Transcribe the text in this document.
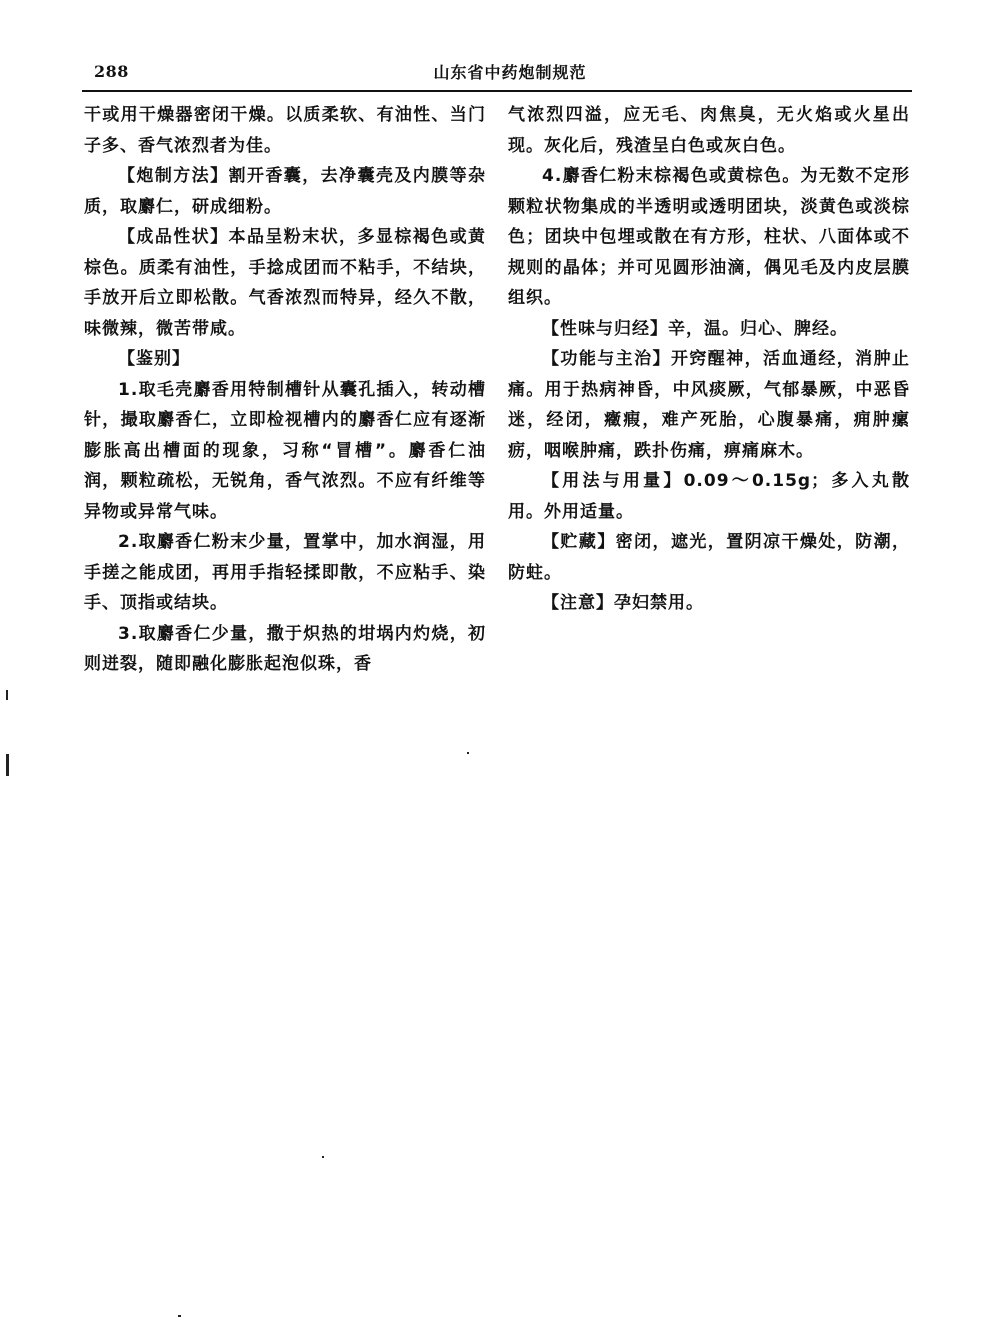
288	山东省中药炮制规范

干或用干燥器密闭干燥。以质柔软、有油性、当门子多、香气浓烈者为佳。

【炮制方法】割开香囊，去净囊壳及内膜等杂质，取麝仁，研成细粉。

【成品性状】本品呈粉末状，多显棕褐色或黄棕色。质柔有油性，手捻成团而不粘手，不结块，手放开后立即松散。气香浓烈而特异，经久不散，味微辣，微苦带咸。

【鉴别】

1.取毛壳麝香用特制槽针从囊孔插入，转动槽针，撮取麝香仁，立即检视槽内的麝香仁应有逐渐膨胀高出槽面的现象，习称“冒槽”。麝香仁油润，颗粒疏松，无锐角，香气浓烈。不应有纤维等异物或异常气味。

2.取麝香仁粉末少量，置掌中，加水润湿，用手搓之能成团，再用手指轻揉即散，不应粘手、染手、顶指或结块。

3.取麝香仁少量，撒于炽热的坩埚内灼烧，初则迸裂，随即融化膨胀起泡似珠，香

气浓烈四溢，应无毛、肉焦臭，无火焰或火星出现。灰化后，残渣呈白色或灰白色。

4.麝香仁粉末棕褐色或黄棕色。为无数不定形颗粒状物集成的半透明或透明团块，淡黄色或淡棕色；团块中包埋或散在有方形，柱状、八面体或不规则的晶体；并可见圆形油滴，偶见毛及内皮层膜组织。

【性味与归经】辛，温。归心、脾经。

【功能与主治】开窍醒神，活血通经，消肿止痛。用于热病神昏，中风痰厥，气郁暴厥，中恶昏迷，经闭，癥瘕，难产死胎，心腹暴痛，痈肿瘰疬，咽喉肿痛，跌扑伤痛，痹痛麻木。

【用法与用量】0.09～0.15g；多入丸散用。外用适量。

【贮藏】密闭，遮光，置阴凉干燥处，防潮，防蛀。

【注意】孕妇禁用。
